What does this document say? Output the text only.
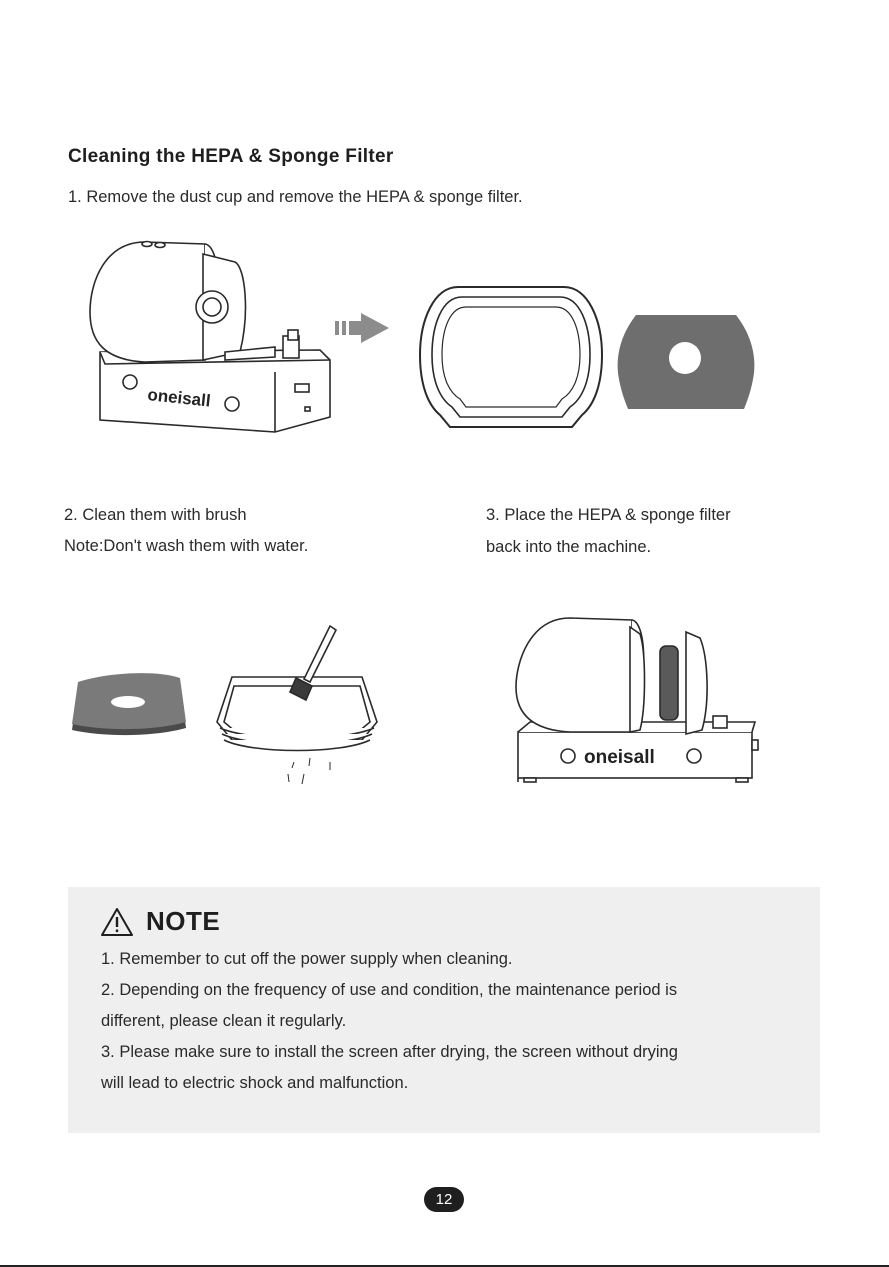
Cleaning the HEPA & Sponge Filter
1. Remove the dust cup and remove the HEPA & sponge filter.
oneisall
2. Clean them with brush
Note:Don't wash them with water.
3. Place the HEPA & sponge filter
back into the machine.
oneisall
NOTE
1. Remember to cut off the power supply when cleaning.
2. Depending on the frequency of use and condition, the maintenance period is
different, please clean it regularly.
3. Please make sure to install the screen after drying, the screen without drying
will lead to electric shock and malfunction.
12
